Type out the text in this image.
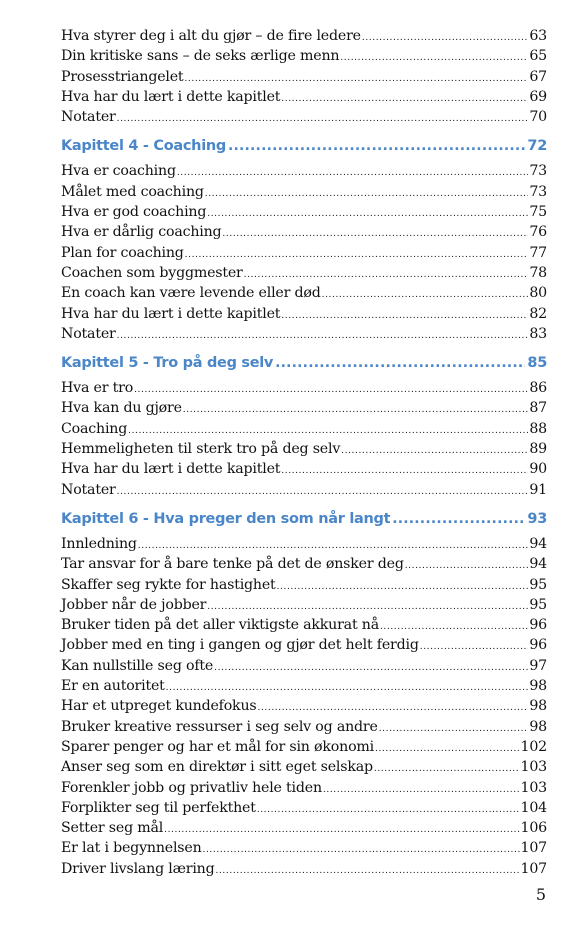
Hva styrer deg i alt du gjør – de fire ledere .....	63
Din kritiske sans – de seks ærlige menn .....	65
Prosesstriangelet .....	67
Hva har du lært i dette kapitlet .....	69
Notater .....	70
Kapittel 4 - Coaching .....	72
Hva er coaching .....	73
Målet med coaching .....	73
Hva er god coaching .....	75
Hva er dårlig coaching .....	76
Plan for coaching .....	77
Coachen som byggmester .....	78
En coach kan være levende eller død .....	80
Hva har du lært i dette kapitlet .....	82
Notater .....	83
Kapittel 5 - Tro på deg selv .....	85
Hva er tro .....	86
Hva kan du gjøre .....	87
Coaching .....	88
Hemmeligheten til sterk tro på deg selv .....	89
Hva har du lært i dette kapitlet .....	90
Notater .....	91
Kapittel 6 - Hva preger den som når langt .....	93
Innledning .....	94
Tar ansvar for å bare tenke på det de ønsker deg .....	94
Skaffer seg rykte for hastighet .....	95
Jobber når de jobber .....	95
Bruker tiden på det aller viktigste akkurat nå .....	96
Jobber med en ting i gangen og gjør det helt ferdig .....	96
Kan nullstille seg ofte .....	97
Er en autoritet .....	98
Har et utpreget kundefokus .....	98
Bruker kreative ressurser i seg selv og andre .....	98
Sparer penger og har et mål for sin økonomi .....	102
Anser seg som en direktør i sitt eget selskap .....	103
Forenkler jobb og privatliv hele tiden .....	103
Forplikter seg til perfekthet .....	104
Setter seg mål .....	106
Er lat i begynnelsen .....	107
Driver livslang læring .....	107
5
